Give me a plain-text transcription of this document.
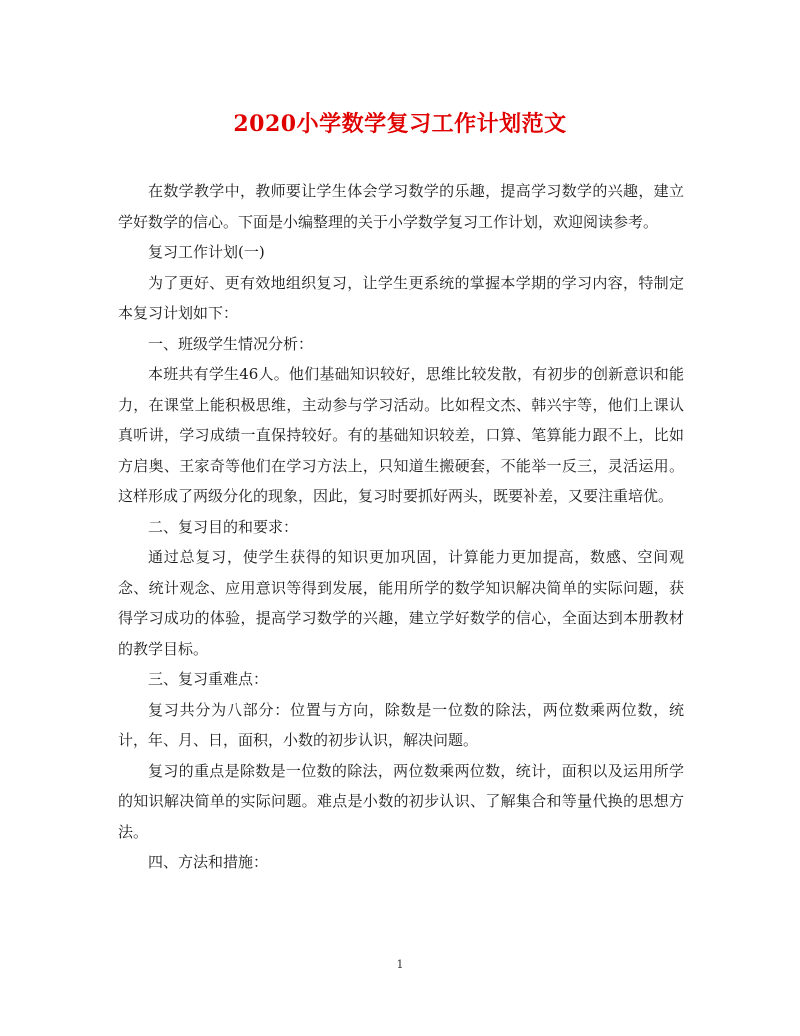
2020小学数学复习工作计划范文

在数学教学中，教师要让学生体会学习数学的乐趣，提高学习数学的兴趣，建立学好数学的信心。下面是小编整理的关于小学数学复习工作计划，欢迎阅读参考。

复习工作计划(一)

为了更好、更有效地组织复习，让学生更系统的掌握本学期的学习内容，特制定本复习计划如下：

一、班级学生情况分析：

本班共有学生46人。他们基础知识较好，思维比较发散，有初步的创新意识和能力，在课堂上能积极思维，主动参与学习活动。比如程文杰、韩兴宇等，他们上课认真听讲，学习成绩一直保持较好。有的基础知识较差，口算、笔算能力跟不上，比如方启奥、王家奇等他们在学习方法上，只知道生搬硬套，不能举一反三，灵活运用。这样形成了两级分化的现象，因此，复习时要抓好两头，既要补差，又要注重培优。

二、复习目的和要求：

通过总复习，使学生获得的知识更加巩固，计算能力更加提高，数感、空间观念、统计观念、应用意识等得到发展，能用所学的数学知识解决简单的实际问题，获得学习成功的体验，提高学习数学的兴趣，建立学好数学的信心，全面达到本册教材的教学目标。

三、复习重难点：

复习共分为八部分：位置与方向，除数是一位数的除法，两位数乘两位数，统计，年、月、日，面积，小数的初步认识，解决问题。

复习的重点是除数是一位数的除法，两位数乘两位数，统计，面积以及运用所学的知识解决简单的实际问题。难点是小数的初步认识、了解集合和等量代换的思想方法。

四、方法和措施：

1
